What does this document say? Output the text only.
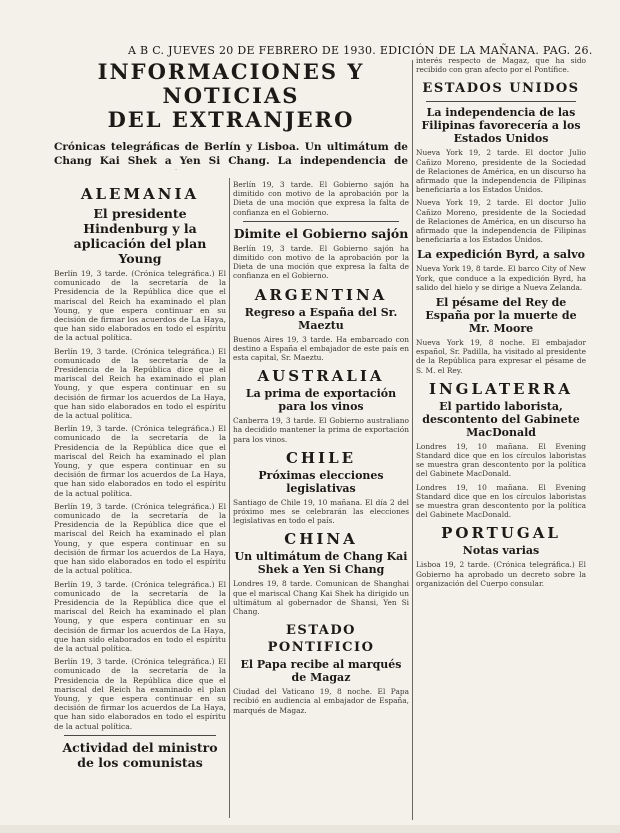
A B C. JUEVES 20 DE FEBRERO DE 1930. EDICIÓN DE LA MAÑANA. PAG. 26.
INFORMACIONES Y NOTICIAS
DEL EXTRANJERO

Crónicas telegráficas de Berlín y Lisboa. Un ultimátum de Chang Kai Shek a Yen Si Chang. La independencia de

ALEMANIA
El presidente Hindenburg y la aplicación del plan Young

Berlín 19, 3 tarde. (Crónica telegráfica.) El comunicado de la secretaría de la Presidencia de la República dice que el mariscal del Reich ha examinado el plan Young, y que espera continuar en su decisión de firmar los acuerdos de La Haya, que han sido elaborados en todo el espíritu de la actual política.

Berlín 19, 3 tarde. (Crónica telegráfica.) El comunicado de la secretaría de la Presidencia de la República dice que el mariscal del Reich ha examinado el plan Young, y que espera continuar en su decisión de firmar los acuerdos de La Haya, que han sido elaborados en todo el espíritu de la actual política.

Berlín 19, 3 tarde. (Crónica telegráfica.) El comunicado de la secretaría de la Presidencia de la República dice que el mariscal del Reich ha examinado el plan Young, y que espera continuar en su decisión de firmar los acuerdos de La Haya, que han sido elaborados en todo el espíritu de la actual política.

Berlín 19, 3 tarde. (Crónica telegráfica.) El comunicado de la secretaría de la Presidencia de la República dice que el mariscal del Reich ha examinado el plan Young, y que espera continuar en su decisión de firmar los acuerdos de La Haya, que han sido elaborados en todo el espíritu de la actual política.

Berlín 19, 3 tarde. (Crónica telegráfica.) El comunicado de la secretaría de la Presidencia de la República dice que el mariscal del Reich ha examinado el plan Young, y que espera continuar en su decisión de firmar los acuerdos de La Haya, que han sido elaborados en todo el espíritu de la actual política.

Berlín 19, 3 tarde. (Crónica telegráfica.) El comunicado de la secretaría de la Presidencia de la República dice que el mariscal del Reich ha examinado el plan Young, y que espera continuar en su decisión de firmar los acuerdos de La Haya, que han sido elaborados en todo el espíritu de la actual política.

Actividad del ministro de los comunistas

Berlín 19, 3 tarde. El Gobierno sajón ha dimitido con motivo de la aprobación por la Dieta de una moción que expresa la falta de confianza en el Gobierno.

Dimite el Gobierno sajón

Berlín 19, 3 tarde. El Gobierno sajón ha dimitido con motivo de la aprobación por la Dieta de una moción que expresa la falta de confianza en el Gobierno.

ARGENTINA
Regreso a España del Sr. Maeztu

Buenos Aires 19, 3 tarde. Ha embarcado con destino a España el embajador de este país en esta capital, Sr. Maeztu.

AUSTRALIA
La prima de exportación para los vinos

Canberra 19, 3 tarde. El Gobierno australiano ha decidido mantener la prima de exportación para los vinos.

CHILE
Próximas elecciones legislativas

Santiago de Chile 19, 10 mañana. El día 2 del próximo mes se celebrarán las elecciones legislativas en todo el país.

CHINA
Un ultimátum de Chang Kai Shek a Yen Si Chang

Londres 19, 8 tarde. Comunican de Shanghai que el mariscal Chang Kai Shek ha dirigido un ultimátum al gobernador de Shansi, Yen Si Chang.

ESTADO PONTIFICIO
El Papa recibe al marqués de Magaz

Ciudad del Vaticano 19, 8 noche. El Papa recibió en audiencia al embajador de España, marqués de Magaz.

interés respecto de Magaz, que ha sido recibido con gran afecto por el Pontífice.

ESTADOS UNIDOS
La independencia de las Filipinas favorecería a los Estados Unidos

Nueva York 19, 2 tarde. El doctor Julio Cañizo Moreno, presidente de la Sociedad de Relaciones de América, en un discurso ha afirmado que la independencia de Filipinas beneficiaría a los Estados Unidos.

Nueva York 19, 2 tarde. El doctor Julio Cañizo Moreno, presidente de la Sociedad de Relaciones de América, en un discurso ha afirmado que la independencia de Filipinas beneficiaría a los Estados Unidos.

La expedición Byrd, a salvo

Nueva York 19, 8 tarde. El barco City of New York, que conduce a la expedición Byrd, ha salido del hielo y se dirige a Nueva Zelanda.

El pésame del Rey de España por la muerte de Mr. Moore

Nueva York 19, 8 noche. El embajador español, Sr. Padilla, ha visitado al presidente de la República para expresar el pésame de S. M. el Rey.

INGLATERRA
El partido laborista, descontento del Gabinete MacDonald

Londres 19, 10 mañana. El Evening Standard dice que en los círculos laboristas se muestra gran descontento por la política del Gabinete MacDonald.

Londres 19, 10 mañana. El Evening Standard dice que en los círculos laboristas se muestra gran descontento por la política del Gabinete MacDonald.

PORTUGAL
Notas varias

Lisboa 19, 2 tarde. (Crónica telegráfica.) El Gobierno ha aprobado un decreto sobre la organización del Cuerpo consular.
